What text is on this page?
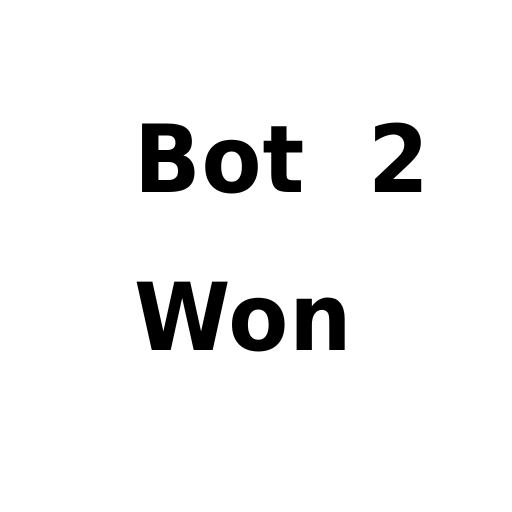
Bot  2
Won
